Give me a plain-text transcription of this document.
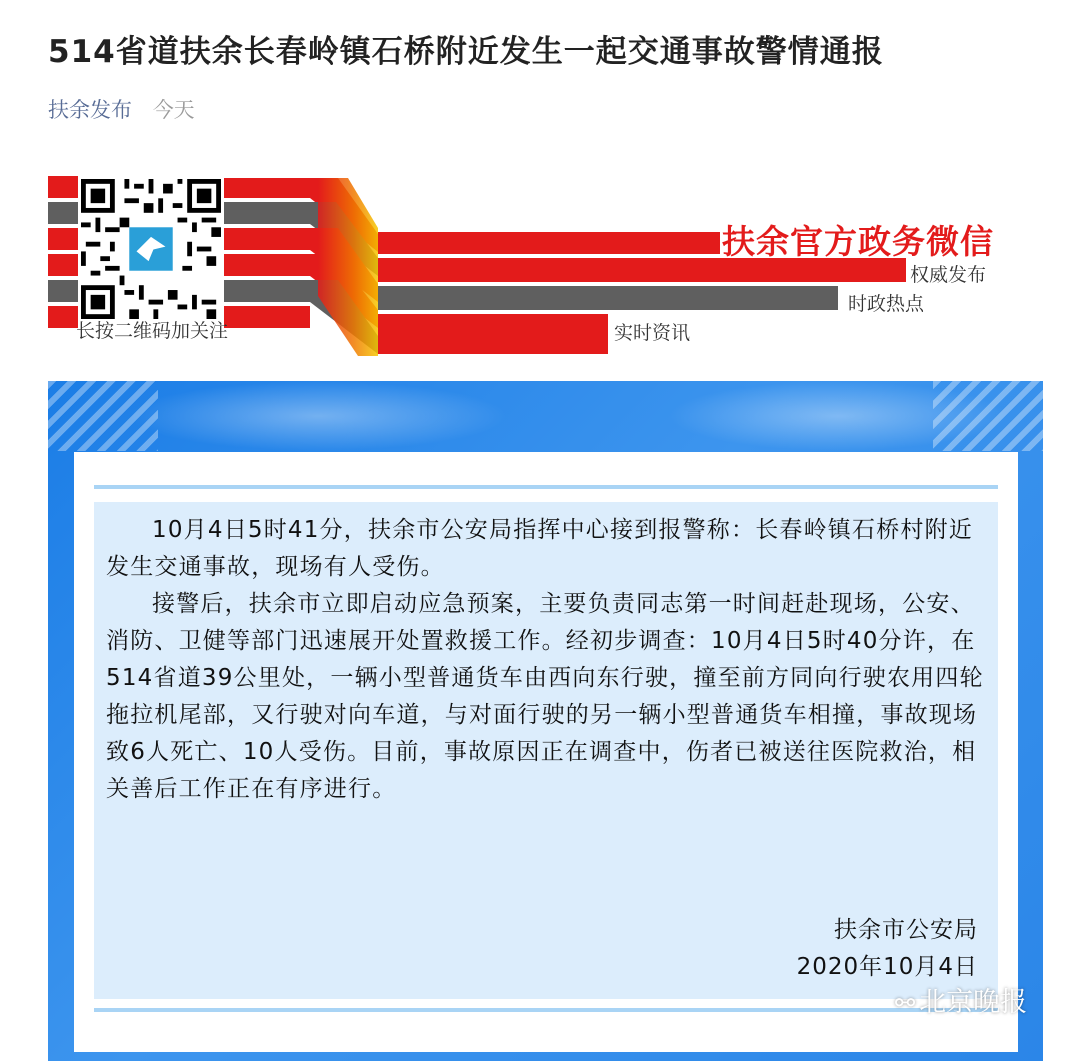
514省道扶余长春岭镇石桥附近发生一起交通事故警情通报
扶余发布 今天
长按二维码加关注
扶余官方政务微信
权威发布
时政热点
实时资讯

10月4日5时41分，扶余市公安局指挥中心接到报警称：长春岭镇石桥村附近发生交通事故，现场有人受伤。

接警后，扶余市立即启动应急预案，主要负责同志第一时间赶赴现场，公安、消防、卫健等部门迅速展开处置救援工作。经初步调查：10月4日5时40分许，在514省道39公里处，一辆小型普通货车由西向东行驶，撞至前方同向行驶农用四轮拖拉机尾部，又行驶对向车道，与对面行驶的另一辆小型普通货车相撞，事故现场致6人死亡、10人受伤。目前，事故原因正在调查中，伤者已被送往医院救治，相关善后工作正在有序进行。

扶余市公安局
2020年10月4日
⚯ 北京晚报
